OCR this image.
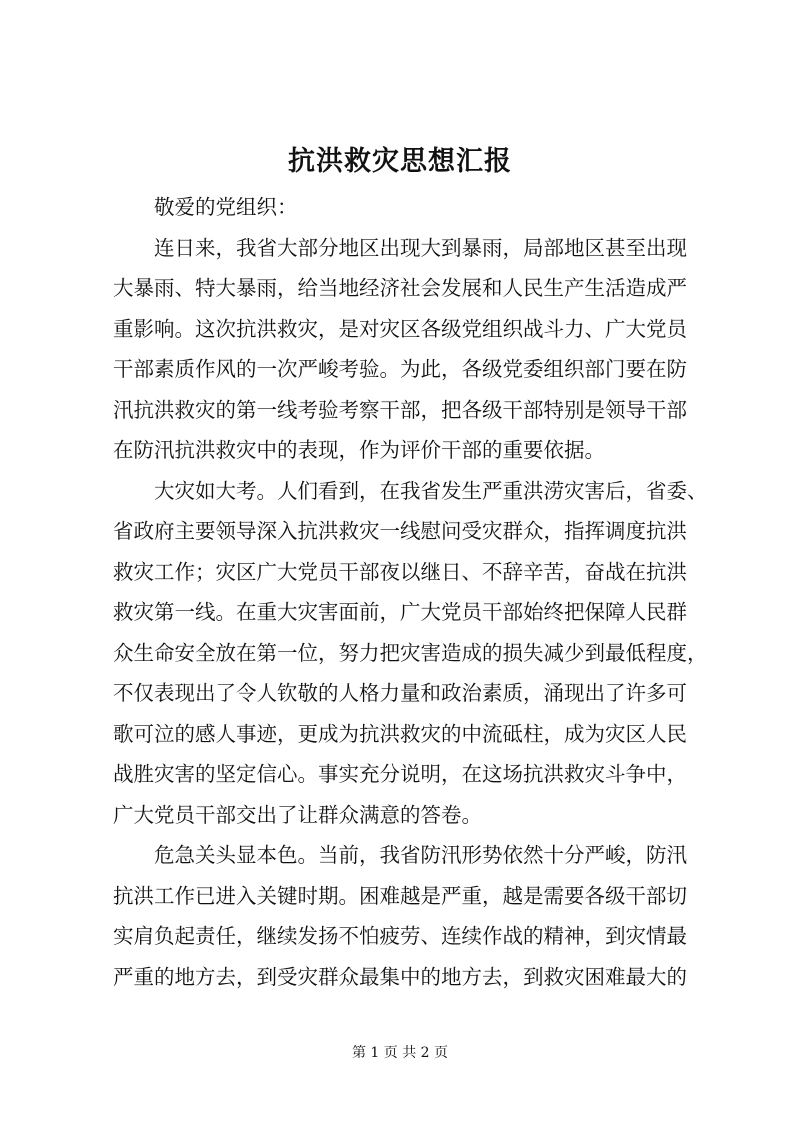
抗洪救灾思想汇报

敬爱的党组织：

连日来，我省大部分地区出现大到暴雨，局部地区甚至出现
大暴雨、特大暴雨，给当地经济社会发展和人民生产生活造成严
重影响。这次抗洪救灾，是对灾区各级党组织战斗力、广大党员
干部素质作风的一次严峻考验。为此，各级党委组织部门要在防
汛抗洪救灾的第一线考验考察干部，把各级干部特别是领导干部
在防汛抗洪救灾中的表现，作为评价干部的重要依据。

大灾如大考。人们看到，在我省发生严重洪涝灾害后，省委、
省政府主要领导深入抗洪救灾一线慰问受灾群众，指挥调度抗洪
救灾工作；灾区广大党员干部夜以继日、不辞辛苦，奋战在抗洪
救灾第一线。在重大灾害面前，广大党员干部始终把保障人民群
众生命安全放在第一位，努力把灾害造成的损失减少到最低程度，
不仅表现出了令人钦敬的人格力量和政治素质，涌现出了许多可
歌可泣的感人事迹，更成为抗洪救灾的中流砥柱，成为灾区人民
战胜灾害的坚定信心。事实充分说明，在这场抗洪救灾斗争中，
广大党员干部交出了让群众满意的答卷。

危急关头显本色。当前，我省防汛形势依然十分严峻，防汛
抗洪工作已进入关键时期。困难越是严重，越是需要各级干部切
实肩负起责任，继续发扬不怕疲劳、连续作战的精神，到灾情最
严重的地方去，到受灾群众最集中的地方去，到救灾困难最大的

第 1 页 共 2 页
